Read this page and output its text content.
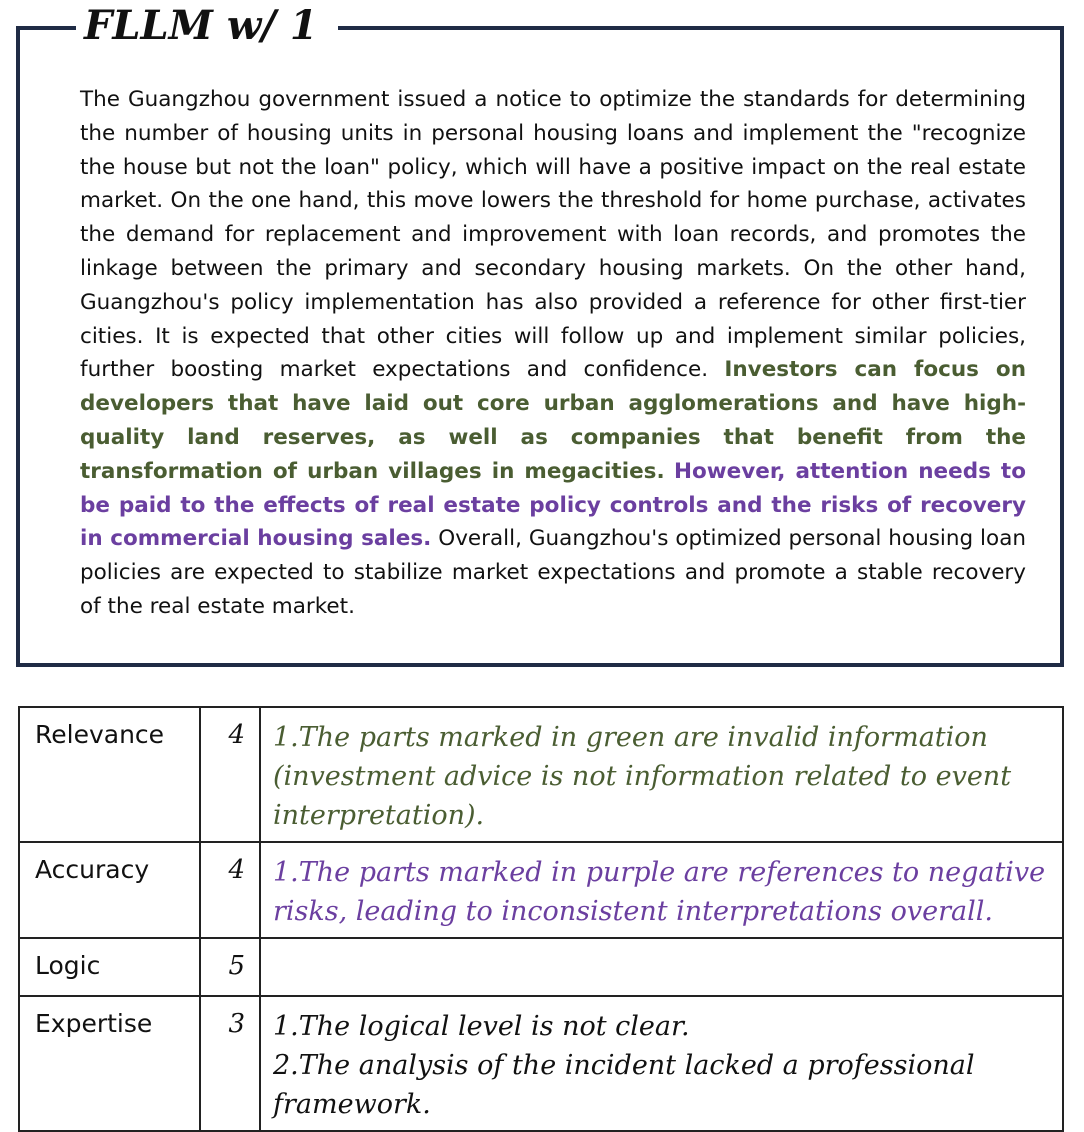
FLLM w/ 1
The Guangzhou government issued a notice to optimize the standards for determining the number of housing units in personal housing loans and implement the "recognize the house but not the loan" policy, which will have a positive impact on the real estate market. On the one hand, this move lowers the threshold for home purchase, activates the demand for replacement and improvement with loan records, and promotes the linkage between the primary and secondary housing markets. On the other hand, Guangzhou's policy implementation has also provided a reference for other first-tier cities. It is expected that other cities will follow up and implement similar policies, further boosting market expectations and confidence. Investors can focus on developers that have laid out core urban agglomerations and have high-quality land reserves, as well as companies that benefit from the transformation of urban villages in megacities. However, attention needs to be paid to the effects of real estate policy controls and the risks of recovery in commercial housing sales. Overall, Guangzhou's optimized personal housing loan policies are expected to stabilize market expectations and promote a stable recovery of the real estate market.
Relevance	4	1.The parts marked in green are invalid information (investment advice is not information related to event interpretation).

Accuracy	4	1.The parts marked in purple are references to negative risks, leading to inconsistent interpretations overall.

Logic	5	
Expertise	3	1.The logical level is not clear.
2.The analysis of the incident lacked a professional framework.
